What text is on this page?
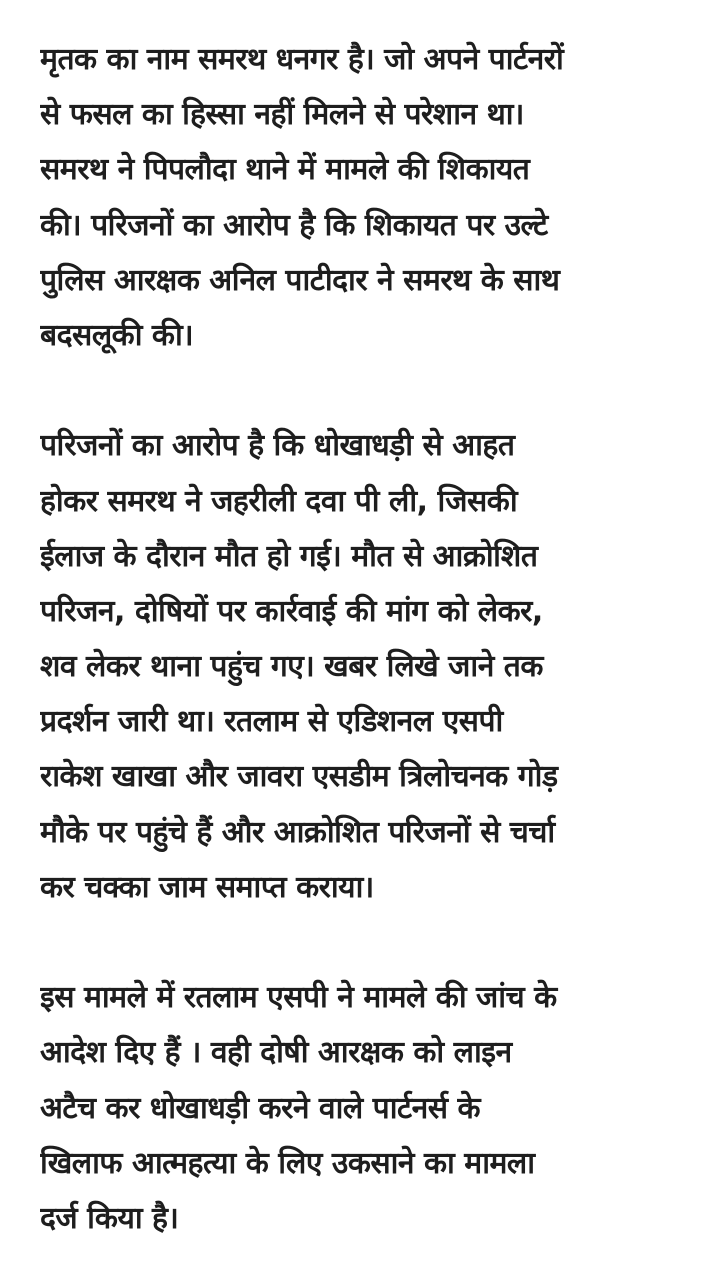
मृतक का नाम समरथ धनगर है। जो अपने पार्टनरों
से फसल का हिस्सा नहीं मिलने से परेशान था।
समरथ ने पिपलौदा थाने में मामले की शिकायत
की। परिजनों का आरोप है कि शिकायत पर उल्टे
पुलिस आरक्षक अनिल पाटीदार ने समरथ के साथ
बदसलूकी की।

परिजनों का आरोप है कि धोखाधड़ी से आहत
होकर समरथ ने जहरीली दवा पी ली, जिसकी
ईलाज के दौरान मौत हो गई। मौत से आक्रोशित
परिजन, दोषियों पर कार्रवाई की मांग को लेकर,
शव लेकर थाना पहुंच गए। खबर लिखे जाने तक
प्रदर्शन जारी था। रतलाम से एडिशनल एसपी
राकेश खाखा और जावरा एसडीम त्रिलोचनक गोड़
मौके पर पहुंचे हैं और आक्रोशित परिजनों से चर्चा
कर चक्का जाम समाप्त कराया।

इस मामले में रतलाम एसपी ने मामले की जांच के
आदेश दिए हैं । वही दोषी आरक्षक को लाइन
अटैच कर धोखाधड़ी करने वाले पार्टनर्स के
खिलाफ आत्महत्या के लिए उकसाने का मामला
दर्ज किया है।
